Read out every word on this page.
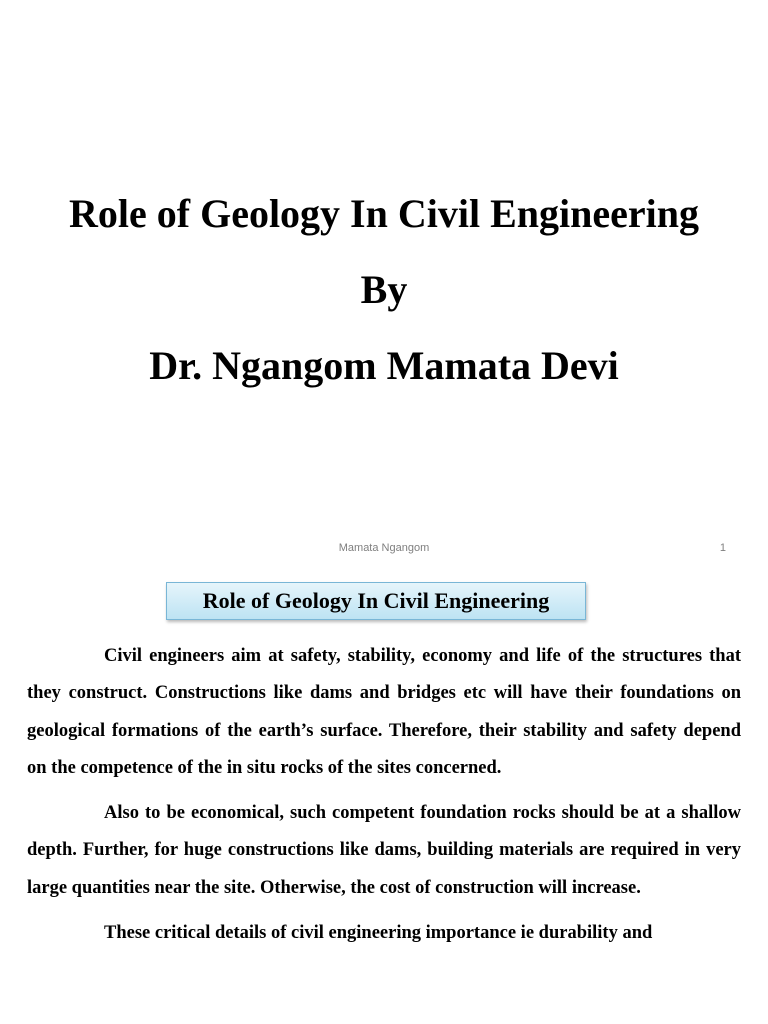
Role of Geology In Civil Engineering
By
Dr. Ngangom Mamata Devi
Mamata Ngangom	1
Role of Geology In Civil Engineering

Civil engineers aim at safety, stability, economy and life of the structures that they construct. Constructions like dams and bridges etc will have their foundations on geological formations of the earth’s surface. Therefore, their stability and safety depend on the competence of the in situ rocks of the sites concerned.

Also to be economical, such competent foundation rocks should be at a shallow depth. Further, for huge constructions like dams, building materials are required in very large quantities near the site. Otherwise, the cost of construction will increase.

These critical details of civil engineering importance ie durability and
